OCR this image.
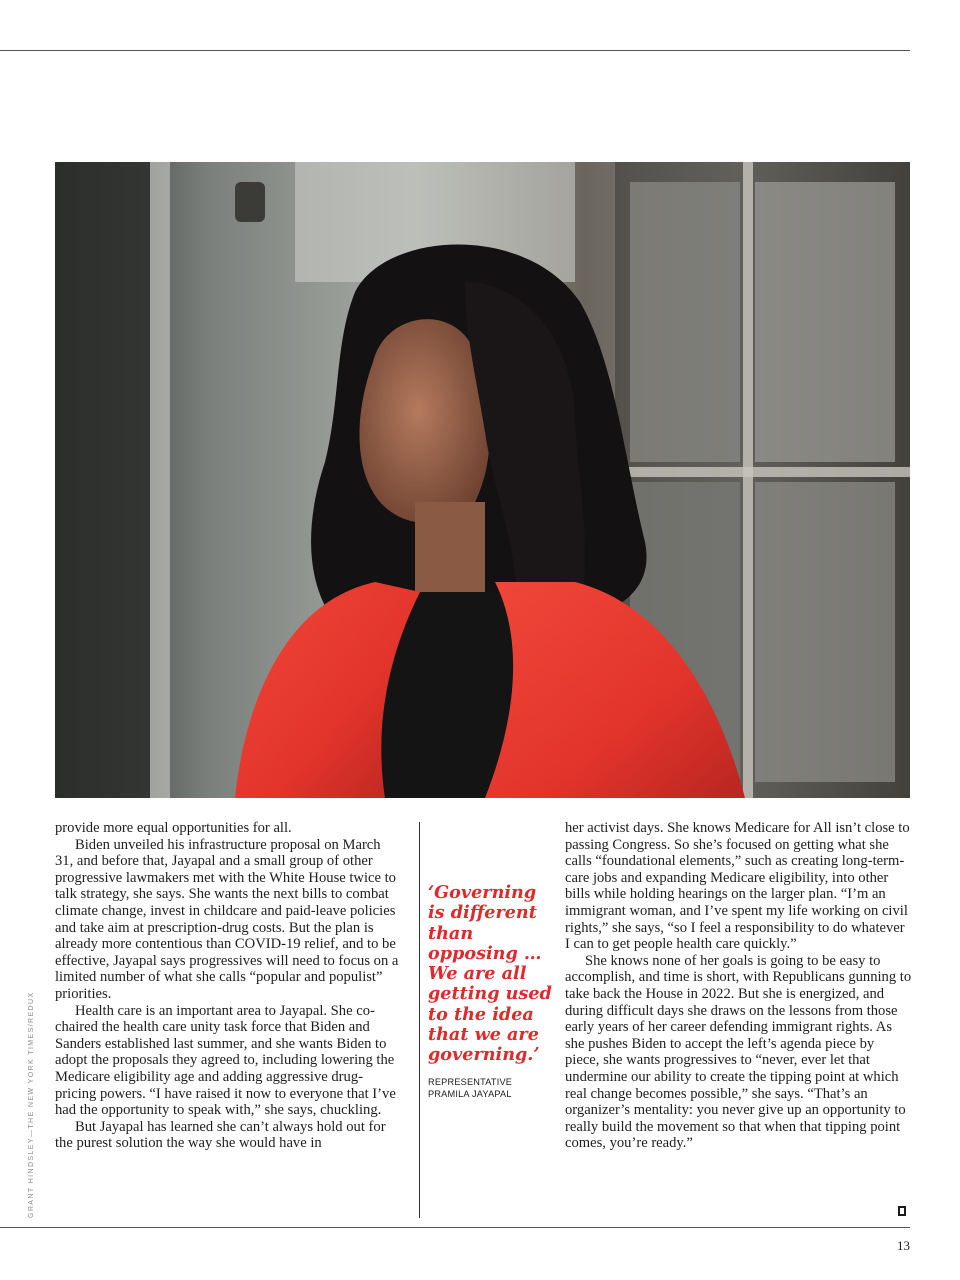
GRANT HINDSLEY—THE NEW YORK TIMES/REDUX

provide more equal opportunities for all.

Biden unveiled his infrastructure proposal on March 31, and before that, Jayapal and a small group of other progressive lawmakers met with the White House twice to talk strategy, she says. She wants the next bills to combat climate change, invest in childcare and paid-leave policies and take aim at prescription-drug costs. But the plan is already more contentious than COVID-19 relief, and to be effective, Jayapal says progressives will need to focus on a limited number of what she calls “popular and populist” priorities.

Health care is an important area to Jayapal. She co-chaired the health care unity task force that Biden and Sanders established last summer, and she wants Biden to adopt the proposals they agreed to, including lowering the Medicare eligibility age and adding aggressive drug-pricing powers. “I have raised it now to everyone that I’ve had the opportunity to speak with,” she says, chuckling.

But Jayapal has learned she can’t always hold out for the purest solution the way she would have in

‘Governing is different than opposing … We are all getting used to the idea that we are governing.’

REPRESENTATIVE PRAMILA JAYAPAL

her activist days. She knows Medicare for All isn’t close to passing Congress. So she’s focused on getting what she calls “foundational elements,” such as creating long-term-care jobs and expanding Medicare eligibility, into other bills while holding hearings on the larger plan. “I’m an immigrant woman, and I’ve spent my life working on civil rights,” she says, “so I feel a responsibility to do whatever I can to get people health care quickly.”

She knows none of her goals is going to be easy to accomplish, and time is short, with Republicans gunning to take back the House in 2022. But she is energized, and during difficult days she draws on the lessons from those early years of her career defending immigrant rights. As she pushes Biden to accept the left’s agenda piece by piece, she wants progressives to “never, ever let that undermine our ability to create the tipping point at which real change becomes possible,” she says. “That’s an organizer’s mentality: you never give up an opportunity to really build the movement so that when that tipping point comes, you’re ready.”

13
